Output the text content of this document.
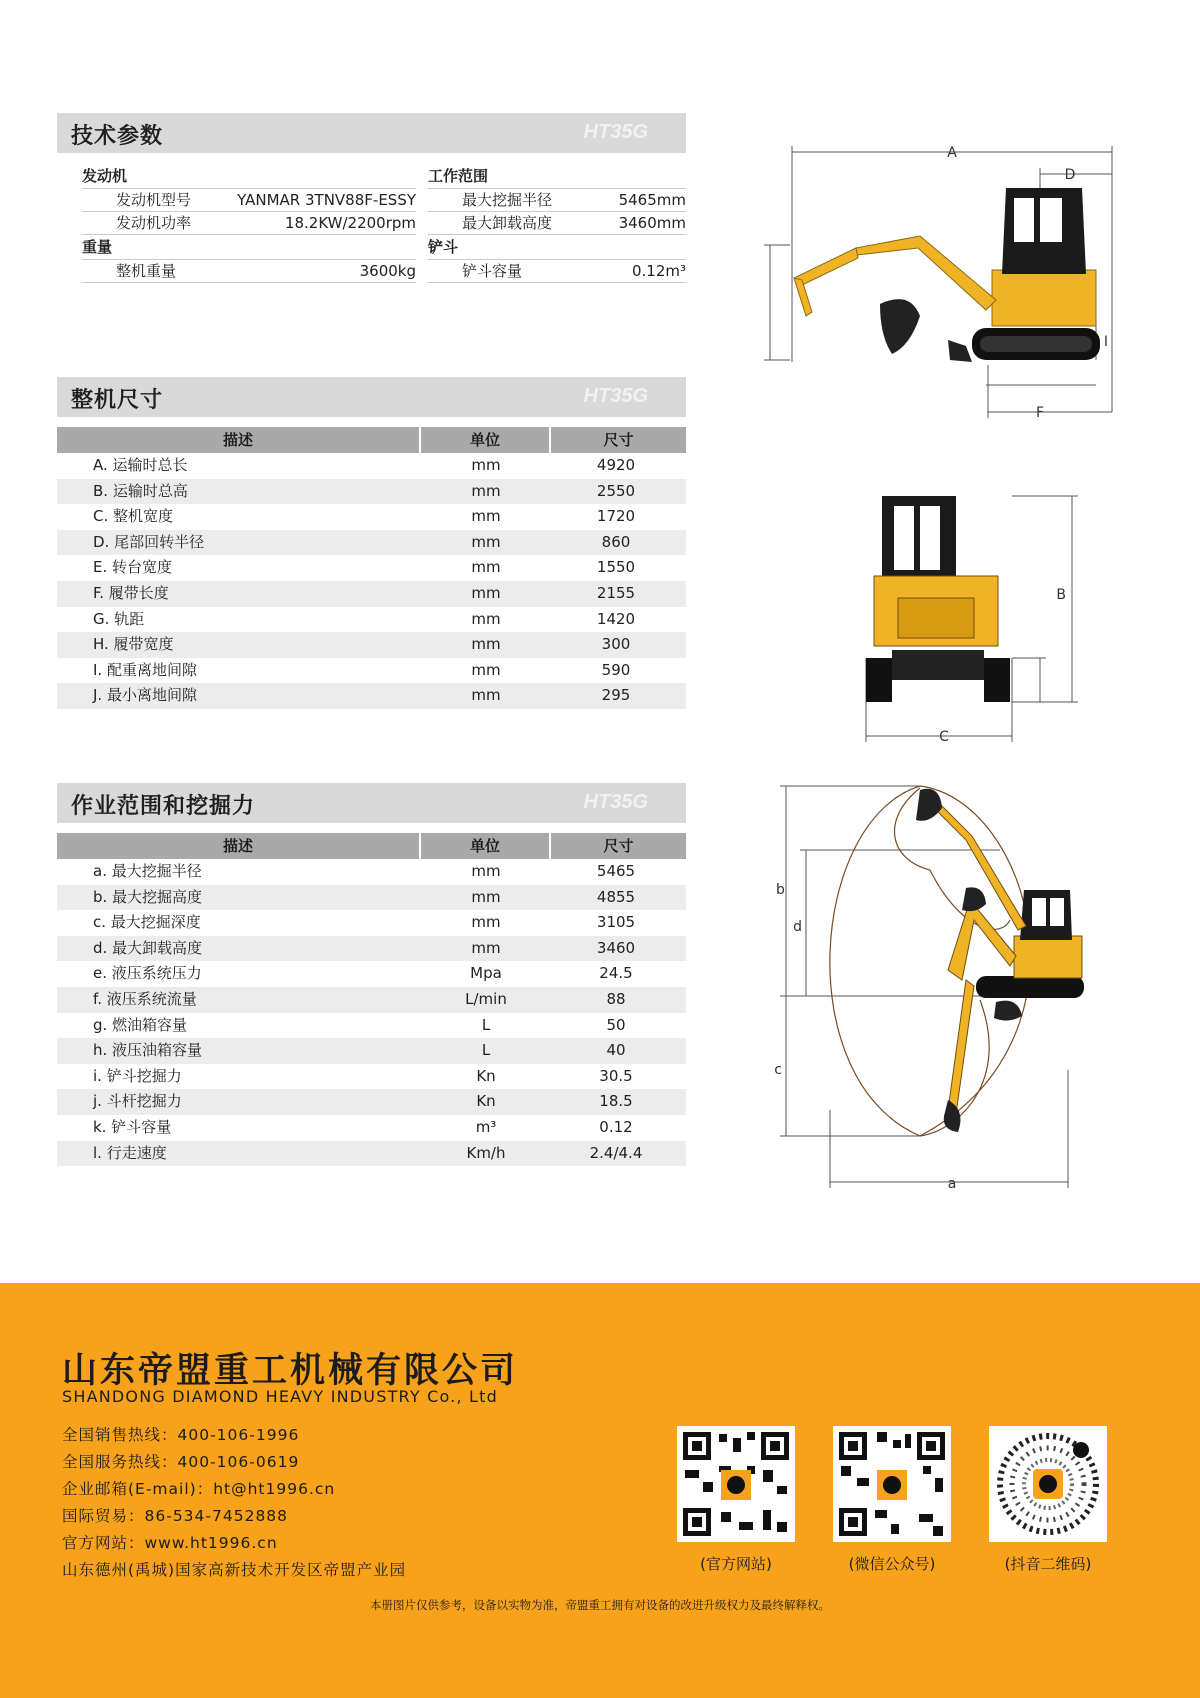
技术参数	HT35G
发动机
发动机型号	YANMAR 3TNV88F-ESSY
发动机功率	18.2KW/2200rpm
重量
整机重量	3600kg
工作范围
最大挖掘半径	5465mm
最大卸载高度	3460mm
铲斗
铲斗容量	0.12m³
整机尺寸	HT35G
描述	单位	尺寸
A. 运输时总长	mm	4920
B. 运输时总高	mm	2550
C. 整机宽度	mm	1720
D. 尾部回转半径	mm	860
E. 转台宽度	mm	1550
F. 履带长度	mm	2155
G. 轨距	mm	1420
H. 履带宽度	mm	300
I. 配重离地间隙	mm	590
J. 最小离地间隙	mm	295
作业范围和挖掘力	HT35G
描述	单位	尺寸
a. 最大挖掘半径	mm	5465
b. 最大挖掘高度	mm	4855
c. 最大挖掘深度	mm	3105
d. 最大卸载高度	mm	3460
e. 液压系统压力	Mpa	24.5
f. 液压系统流量	L/min	88
g. 燃油箱容量	L	50
h. 液压油箱容量	L	40
i. 铲斗挖掘力	Kn	30.5
j. 斗杆挖掘力	Kn	18.5
k. 铲斗容量	m³	0.12
l. 行走速度	Km/h	2.4/4.4
A
D
I
F
B
C
b
d
c
a
山东帝盟重工机械有限公司
SHANDONG DIAMOND HEAVY INDUSTRY Co., Ltd
全国销售热线：400-106-1996
全国服务热线：400-106-0619
企业邮箱(E-mail)：ht@ht1996.cn
国际贸易：86-534-7452888
官方网站：www.ht1996.cn
山东德州(禹城)国家高新技术开发区帝盟产业园	(官方网站)	(微信公众号)	(抖音二维码)
本册图片仅供参考，设备以实物为准，帝盟重工拥有对设备的改进升级权力及最终解释权。
